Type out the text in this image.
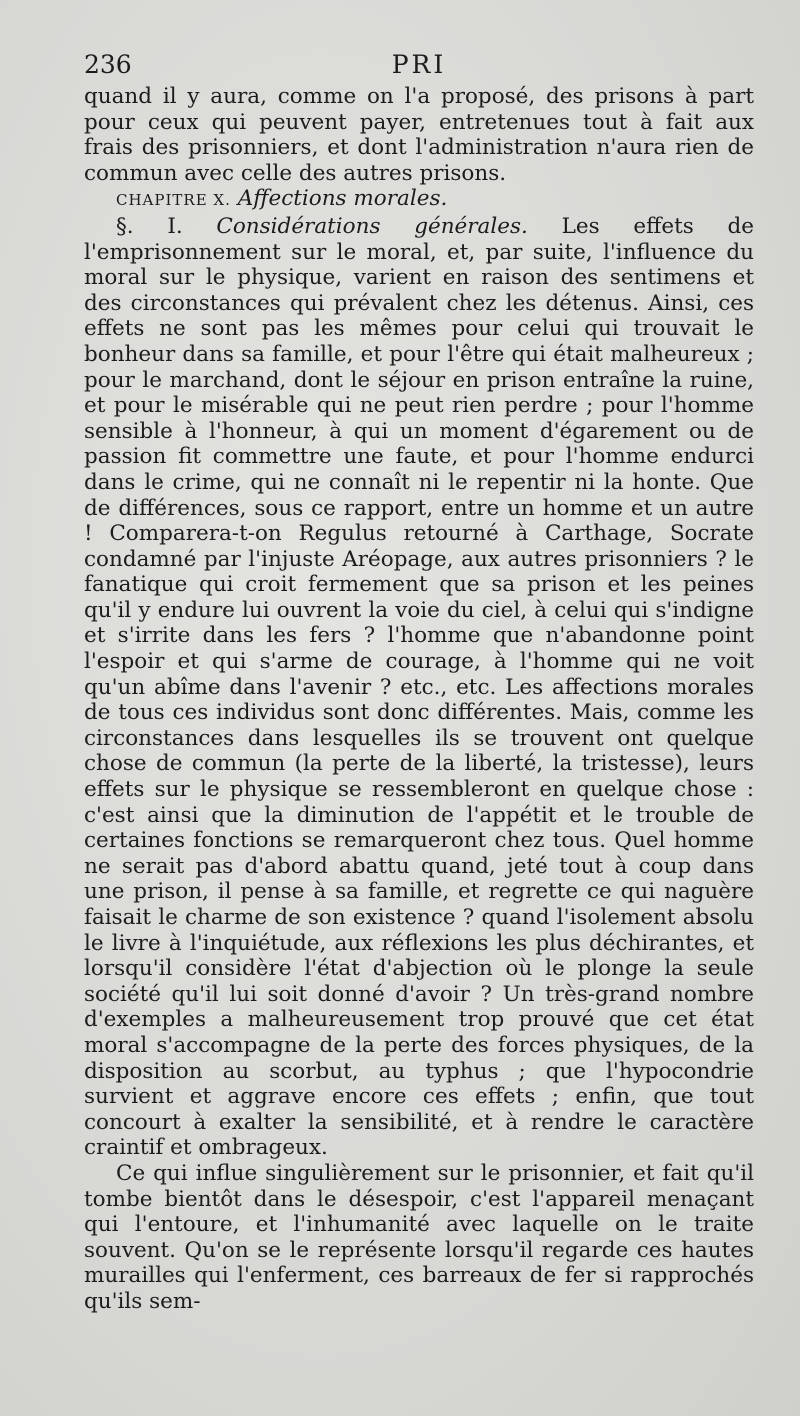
236	PRI

quand il y aura, comme on l'a proposé, des prisons à part pour ceux qui peuvent payer, entretenues tout à fait aux frais des prisonniers, et dont l'administration n'aura rien de commun avec celle des autres prisons.

CHAPITRE X. Affections morales.

§. I. Considérations générales. Les effets de l'emprisonnement sur le moral, et, par suite, l'influence du moral sur le physique, varient en raison des sentimens et des circonstances qui prévalent chez les détenus. Ainsi, ces effets ne sont pas les mêmes pour celui qui trouvait le bonheur dans sa famille, et pour l'être qui était malheureux ; pour le marchand, dont le séjour en prison entraîne la ruine, et pour le misérable qui ne peut rien perdre ; pour l'homme sensible à l'honneur, à qui un moment d'égarement ou de passion fit commettre une faute, et pour l'homme endurci dans le crime, qui ne connaît ni le repentir ni la honte. Que de différences, sous ce rapport, entre un homme et un autre ! Comparera-t-on Regulus retourné à Carthage, Socrate condamné par l'injuste Aréopage, aux autres prisonniers ? le fanatique qui croit fermement que sa prison et les peines qu'il y endure lui ouvrent la voie du ciel, à celui qui s'indigne et s'irrite dans les fers ? l'homme que n'abandonne point l'espoir et qui s'arme de courage, à l'homme qui ne voit qu'un abîme dans l'avenir ? etc., etc. Les affections morales de tous ces individus sont donc différentes. Mais, comme les circonstances dans lesquelles ils se trouvent ont quelque chose de commun (la perte de la liberté, la tristesse), leurs effets sur le physique se ressembleront en quelque chose : c'est ainsi que la diminution de l'appétit et le trouble de certaines fonctions se remarqueront chez tous. Quel homme ne serait pas d'abord abattu quand, jeté tout à coup dans une prison, il pense à sa famille, et regrette ce qui naguère faisait le charme de son existence ? quand l'isolement absolu le livre à l'inquiétude, aux réflexions les plus déchirantes, et lorsqu'il considère l'état d'abjection où le plonge la seule société qu'il lui soit donné d'avoir ? Un très-grand nombre d'exemples a malheureusement trop prouvé que cet état moral s'accompagne de la perte des forces physiques, de la disposition au scorbut, au typhus ; que l'hypocondrie survient et aggrave encore ces effets ; enfin, que tout concourt à exalter la sensibilité, et à rendre le caractère craintif et ombrageux.

Ce qui influe singulièrement sur le prisonnier, et fait qu'il tombe bientôt dans le désespoir, c'est l'appareil menaçant qui l'entoure, et l'inhumanité avec laquelle on le traite souvent. Qu'on se le représente lorsqu'il regarde ces hautes murailles qui l'enferment, ces barreaux de fer si rapprochés qu'ils sem-
